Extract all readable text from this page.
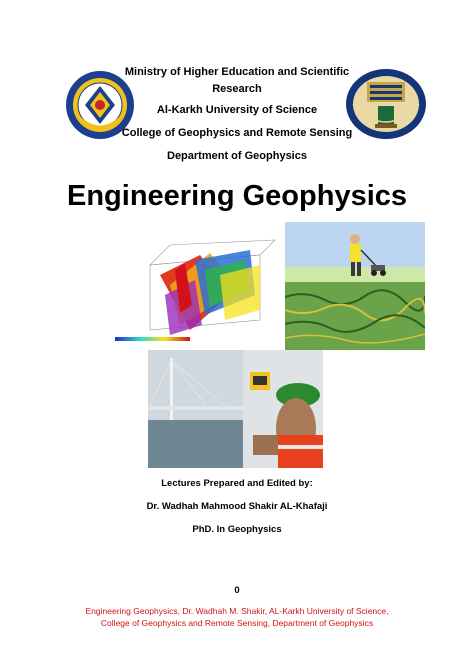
Ministry of Higher Education and Scientific
Research
Al-Karkh University of Science
College of Geophysics and Remote Sensing
Department of Geophysics
Engineering Geophysics
Lectures Prepared and Edited by:
Dr. Wadhah Mahmood Shakir AL-Khafaji
PhD. In Geophysics
0
Engineering Geophysics, Dr. Wadhah M. Shakir, AL-Karkh University of Science,
College of Geophysics and Remote Sensing, Department of Geophysics
